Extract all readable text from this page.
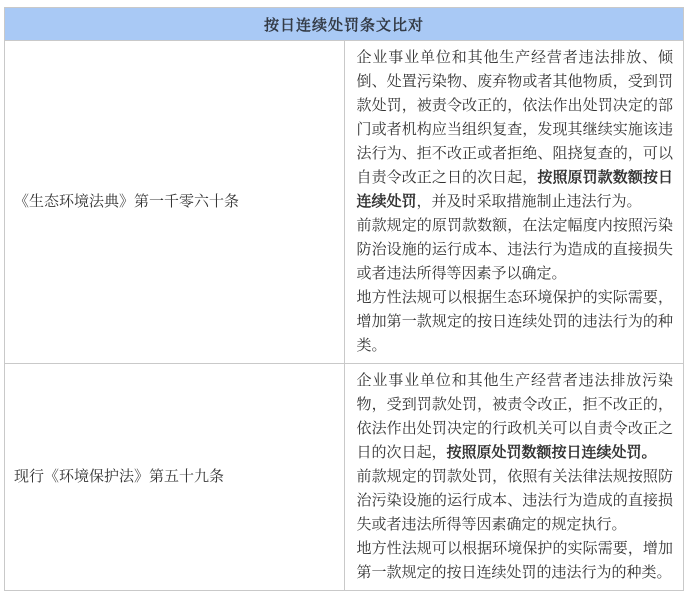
按日连续处罚条文比对	
《生态环境法典》第一千零六十条	企业事业单位和其他生产经营者违法排放、倾倒、处置污染物、废弃物或者其他物质，受到罚款处罚，被责令改正的，依法作出处罚决定的部门或者机构应当组织复查，发现其继续实施该违法行为、拒不改正或者拒绝、阻挠复查的，可以自责令改正之日的次日起，按照原罚款数额按日连续处罚，并及时采取措施制止违法行为。
前款规定的原罚款数额，在法定幅度内按照污染防治设施的运行成本、违法行为造成的直接损失或者违法所得等因素予以确定。
地方性法规可以根据生态环境保护的实际需要，增加第一款规定的按日连续处罚的违法行为的种类。

现行《环境保护法》第五十九条	企业事业单位和其他生产经营者违法排放污染物，受到罚款处罚，被责令改正，拒不改正的，依法作出处罚决定的行政机关可以自责令改正之日的次日起，按照原处罚数额按日连续处罚。
前款规定的罚款处罚，依照有关法律法规按照防治污染设施的运行成本、违法行为造成的直接损失或者违法所得等因素确定的规定执行。
地方性法规可以根据环境保护的实际需要，增加第一款规定的按日连续处罚的违法行为的种类。
